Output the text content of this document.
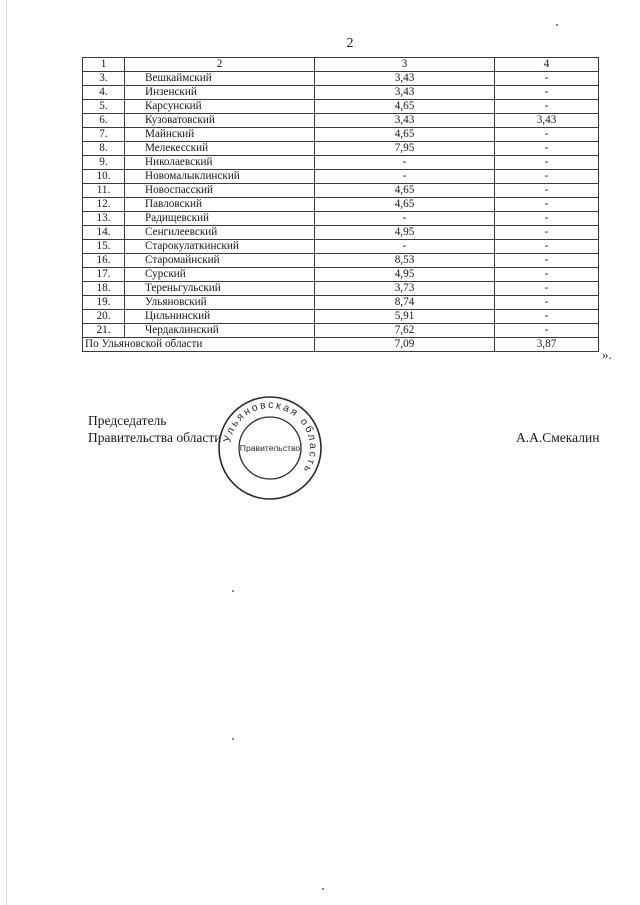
2
1	2	3	4
3.	Вешкаймский	3,43	-
4.	Инзенский	3,43	-
5.	Карсунский	4,65	-
6.	Кузоватовский	3,43	3,43
7.	Майнский	4,65	-
8.	Мелекесский	7,95	-
9.	Николаевский	-	-
10.	Новомалыклинский	-	-
11.	Новоспасский	4,65	-
12.	Павловский	4,65	-
13.	Радищевский	-	-
14.	Сенгилеевский	4,95	-
15.	Старокулаткинский	-	-
16.	Старомайнский	8,53	-
17.	Сурский	4,95	-
18.	Тереньгульский	3,73	-
19.	Ульяновский	8,74	-
20.	Цильнинский	5,91	-
21.	Чердаклинский	7,62	-
По Ульяновской области		7,09	3,87
».
Председатель
Правительства области	А.А.Смекалин
Ульяновская область
Правительство
